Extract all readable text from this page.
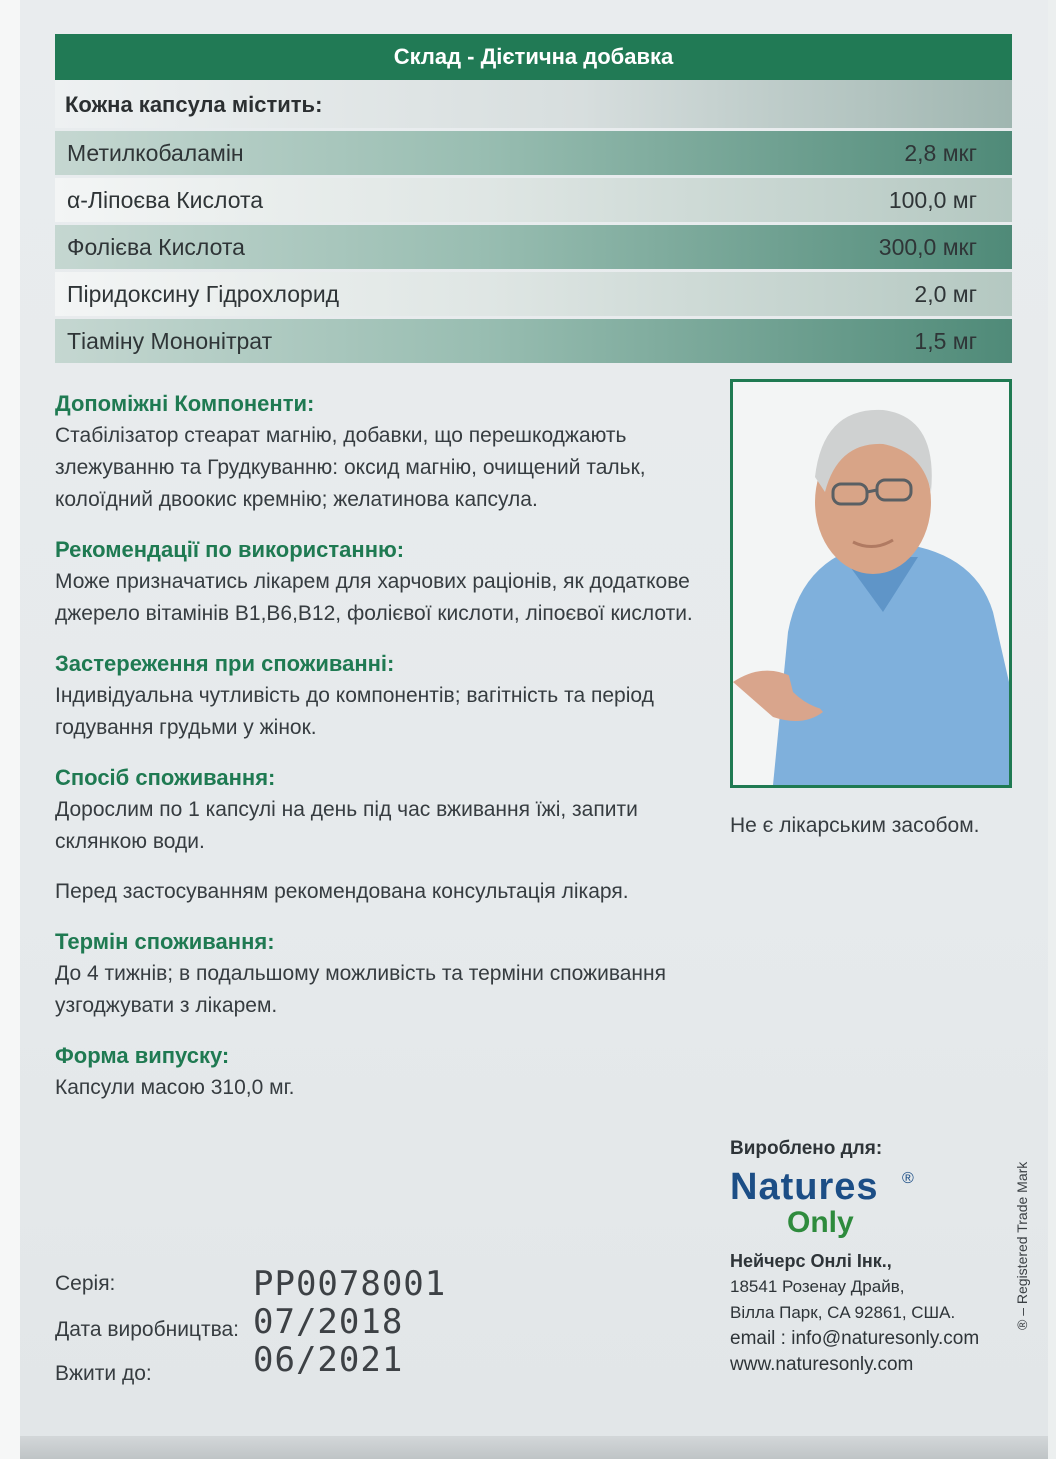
Склад - Дієтична добавка
Кожна капсула містить:
Метилкобаламін	2,8 мкг
α-Ліпоєва Кислота	100,0 мг
Фолієва Кислота	300,0 мкг
Піридоксину Гідрохлорид	2,0 мг
Тіаміну Мононітрат	1,5 мг

Допоміжні Компоненти:

Стабілізатор стеарат магнію, добавки, що перешкоджають злежуванню та Грудкуванню: оксид магнію, очищений тальк, колоїдний двоокис кремнію; желатинова капсула.

Рекомендації по використанню:

Може призначатись лікарем для харчових раціонів, як додаткове джерело вітамінів B1,B6,B12, фолієвої кислоти, ліпоєвої кислоти.

Застереження при споживанні:

Індивідуальна чутливість до компонентів; вагітність та період годування грудьми у жінок.

Спосіб споживання:

Дорослим по 1 капсулі на день під час вживання їжі, запити склянкою води.

Перед застосуванням рекомендована консультація лікаря.

Термін споживання:

До 4 тижнів; в подальшому можливість та терміни споживання узгоджувати з лікарем.

Форма випуску:

Капсули масою 310,0 мг.

Не є лікарським засобом.
Серія:	PP0078001
Дата виробництва: 07/2018
Вжити до:	06/2021

Вироблено для:

Natures ®
Only

Нейчерс Онлі Інк.,

18541 Розенау Драйв,

Вілла Парк, CA 92861, США.

email : info@naturesonly.com

www.naturesonly.com

® – Registered Trade Mark
